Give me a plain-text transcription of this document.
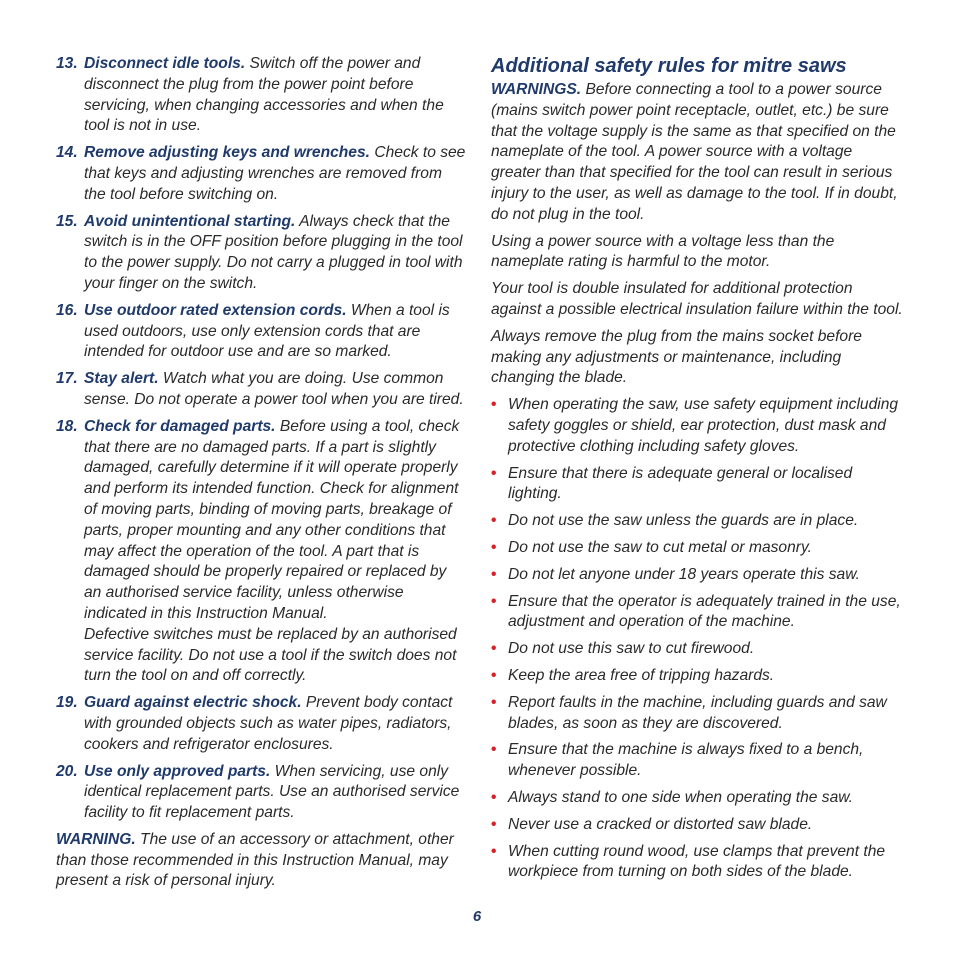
13. Disconnect idle tools. Switch off the power and disconnect the plug from the power point before servicing, when changing accessories and when the tool is not in use.
14. Remove adjusting keys and wrenches. Check to see that keys and adjusting wrenches are removed from the tool before switching on.
15. Avoid unintentional starting. Always check that the switch is in the OFF position before plugging in the tool to the power supply. Do not carry a plugged in tool with your finger on the switch.
16. Use outdoor rated extension cords. When a tool is used outdoors, use only extension cords that are intended for outdoor use and are so marked.
17. Stay alert. Watch what you are doing. Use common sense. Do not operate a power tool when you are tired.
18. Check for damaged parts. Before using a tool, check that there are no damaged parts. If a part is slightly damaged, carefully determine if it will operate properly and perform its intended function. Check for alignment of moving parts, binding of moving parts, breakage of parts, proper mounting and any other conditions that may affect the operation of the tool. A part that is damaged should be properly repaired or replaced by an authorised service facility, unless otherwise indicated in this Instruction Manual.
Defective switches must be replaced by an authorised service facility. Do not use a tool if the switch does not turn the tool on and off correctly.
19. Guard against electric shock. Prevent body contact with grounded objects such as water pipes, radiators, cookers and refrigerator enclosures.
20. Use only approved parts. When servicing, use only identical replacement parts. Use an authorised service facility to fit replacement parts.

WARNING. The use of an accessory or attachment, other than those recommended in this Instruction Manual, may present a risk of personal injury.

Additional safety rules for mitre saws

WARNINGS. Before connecting a tool to a power source (mains switch power point receptacle, outlet, etc.) be sure that the voltage supply is the same as that specified on the nameplate of the tool. A power source with a voltage greater than that specified for the tool can result in serious injury to the user, as well as damage to the tool. If in doubt, do not plug in the tool.

Using a power source with a voltage less than the nameplate rating is harmful to the motor.

Your tool is double insulated for additional protection against a possible electrical insulation failure within the tool.

Always remove the plug from the mains socket before making any adjustments or maintenance, including changing the blade.

• When operating the saw, use safety equipment including safety goggles or shield, ear protection, dust mask and protective clothing including safety gloves.
• Ensure that there is adequate general or localised lighting.
• Do not use the saw unless the guards are in place.
• Do not use the saw to cut metal or masonry.
• Do not let anyone under 18 years operate this saw.
• Ensure that the operator is adequately trained in the use, adjustment and operation of the machine.
• Do not use this saw to cut firewood.
• Keep the area free of tripping hazards.
• Report faults in the machine, including guards and saw blades, as soon as they are discovered.
• Ensure that the machine is always fixed to a bench, whenever possible.
• Always stand to one side when operating the saw.
• Never use a cracked or distorted saw blade.
• When cutting round wood, use clamps that prevent the workpiece from turning on both sides of the blade.
6
